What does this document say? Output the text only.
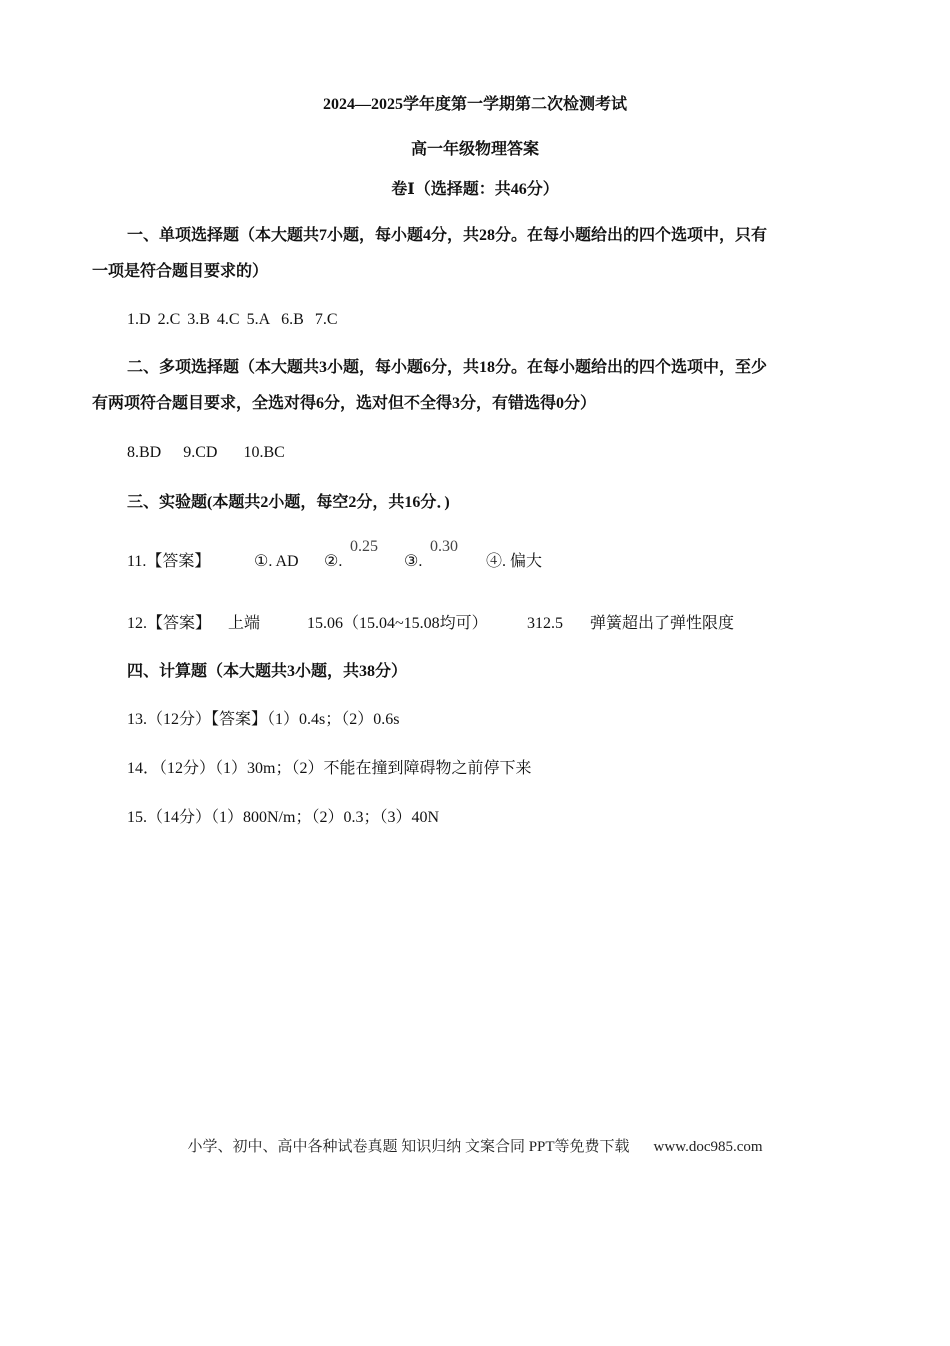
2024—2025学年度第一学期第二次检测考试
高一年级物理答案
卷Ⅰ（选择题：共46分）
一、单项选择题（本大题共7小题，每小题4分，共28分。在每小题给出的四个选项中，只有
一项是符合题目要求的）
1.D 2.C 3.B 4.C 5.A 6.B 7.C
二、多项选择题（本大题共3小题，每小题6分，共18分。在每小题给出的四个选项中，至少
有两项符合题目要求，全选对得6分，选对但不全得3分，有错选得0分）
8.BD 9.CD 10.BC
三、实验题(本题共2小题，每空2分，共16分．)
11.【答案】	①. AD ②.
0.25
③.
0.30
④. 偏大
12.【答案】 上端	15.06（15.04~15.08均可） 312.5 弹簧超出了弹性限度
四、计算题（本大题共3小题，共38分）
13.（12分）【答案】（1）0.4s；（2）0.6s
14．（12分）（1）30m；（2）不能在撞到障碍物之前停下来
15.（14分）（1）800N/m；（2）0.3；（3）40N
小学、初中、高中各种试卷真题 知识归纳 文案合同 PPT等免费下载 www.doc985.com
